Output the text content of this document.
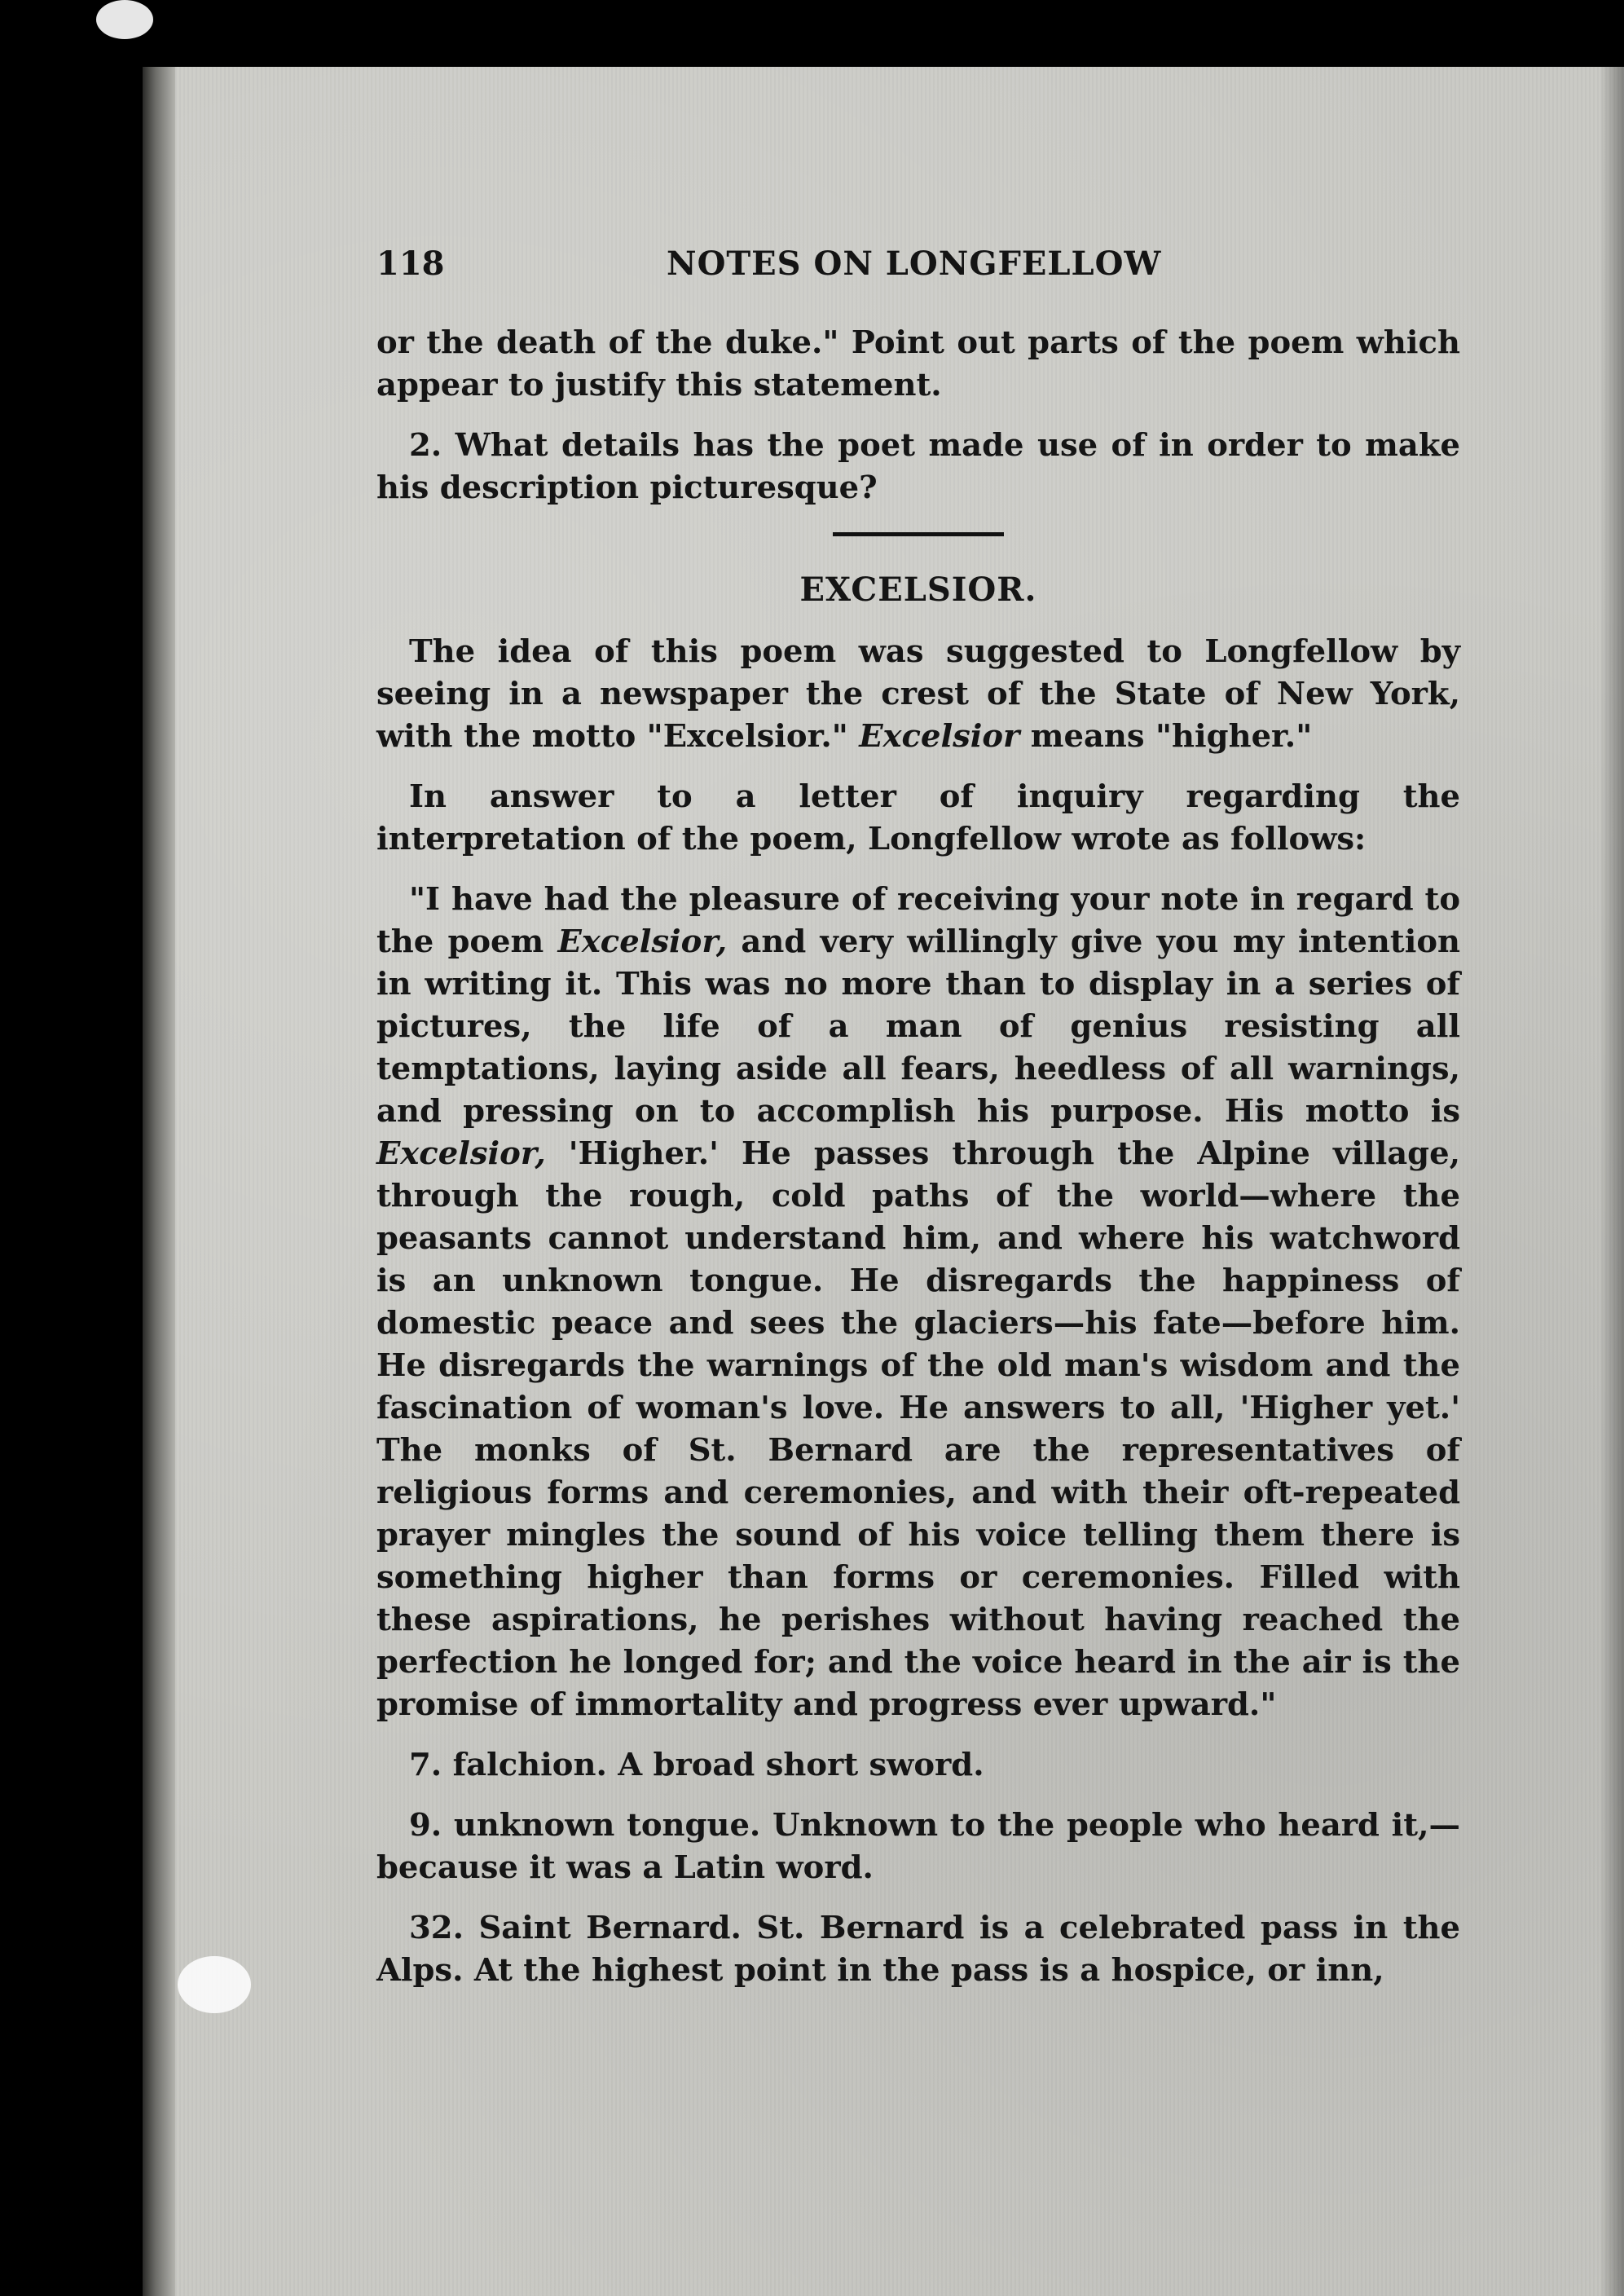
118	NOTES ON LONGFELLOW

or the death of the duke." Point out parts of the poem which appear to justify this statement.

2. What details has the poet made use of in order to make his description picturesque?

EXCELSIOR.

The idea of this poem was suggested to Longfellow by seeing in a newspaper the crest of the State of New York, with the motto "Excelsior." Excelsior means "higher."

In answer to a letter of inquiry regarding the interpretation of the poem, Longfellow wrote as follows:

"I have had the pleasure of receiving your note in regard to the poem Excelsior, and very willingly give you my intention in writing it. This was no more than to display in a series of pictures, the life of a man of genius resisting all temptations, laying aside all fears, heedless of all warnings, and pressing on to accomplish his purpose. His motto is Excelsior, 'Higher.' He passes through the Alpine village, through the rough, cold paths of the world—where the peasants cannot understand him, and where his watchword is an unknown tongue. He disregards the happiness of domestic peace and sees the glaciers—his fate—before him. He disregards the warnings of the old man's wisdom and the fascination of woman's love. He answers to all, 'Higher yet.' The monks of St. Bernard are the representatives of religious forms and ceremonies, and with their oft-repeated prayer mingles the sound of his voice telling them there is something higher than forms or ceremonies. Filled with these aspirations, he perishes without having reached the perfection he longed for; and the voice heard in the air is the promise of immortality and progress ever upward."

7. falchion. A broad short sword.

9. unknown tongue. Unknown to the people who heard it,—because it was a Latin word.

32. Saint Bernard. St. Bernard is a celebrated pass in the Alps. At the highest point in the pass is a hospice, or inn,
